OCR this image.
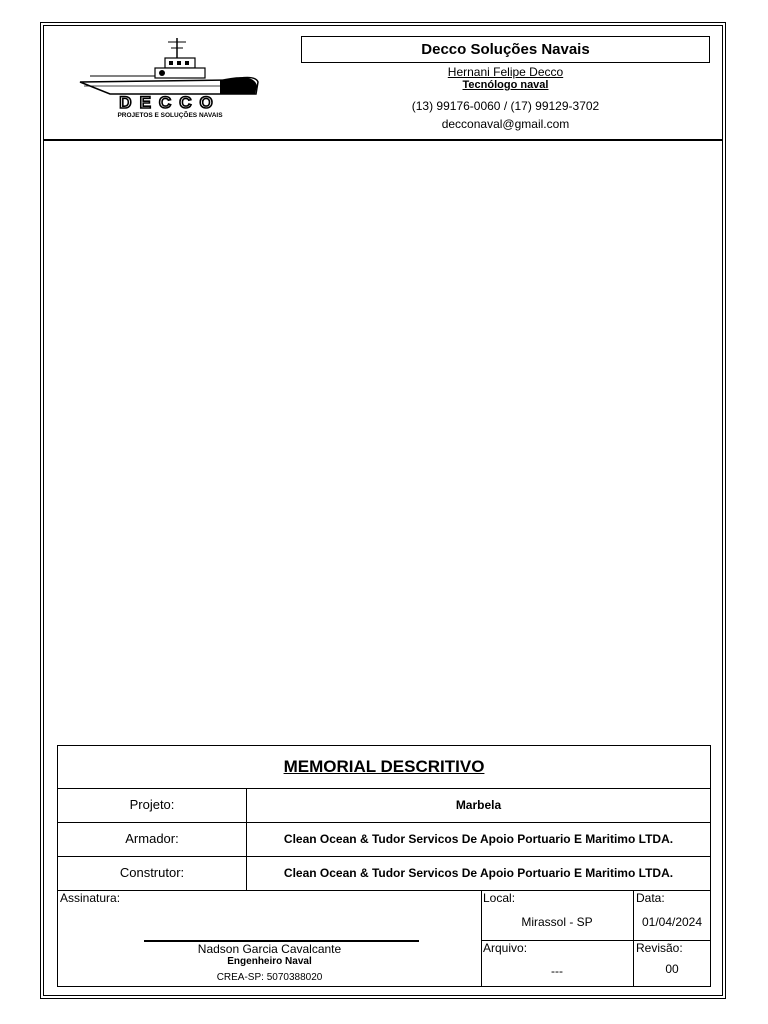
DECCO
PROJETOS E SOLUÇÕES NAVAIS
Decco Soluções Navais
Hernani Felipe Decco
Tecnólogo naval
(13) 99176-0060 / (17) 99129-3702
decconaval@gmail.com
MEMORIAL DESCRITIVO
Projeto:	Marbela
Armador:	Clean Ocean & Tudor Servicos De Apoio Portuario E Maritimo LTDA.
Construtor:	Clean Ocean & Tudor Servicos De Apoio Portuario E Maritimo LTDA.
Assinatura:
Nadson Garcia Cavalcante
Engenheiro Naval
CREA-SP: 5070388020
Local:
Mirassol - SP
Data:
01/04/2024
Arquivo:
---
Revisão:
00
